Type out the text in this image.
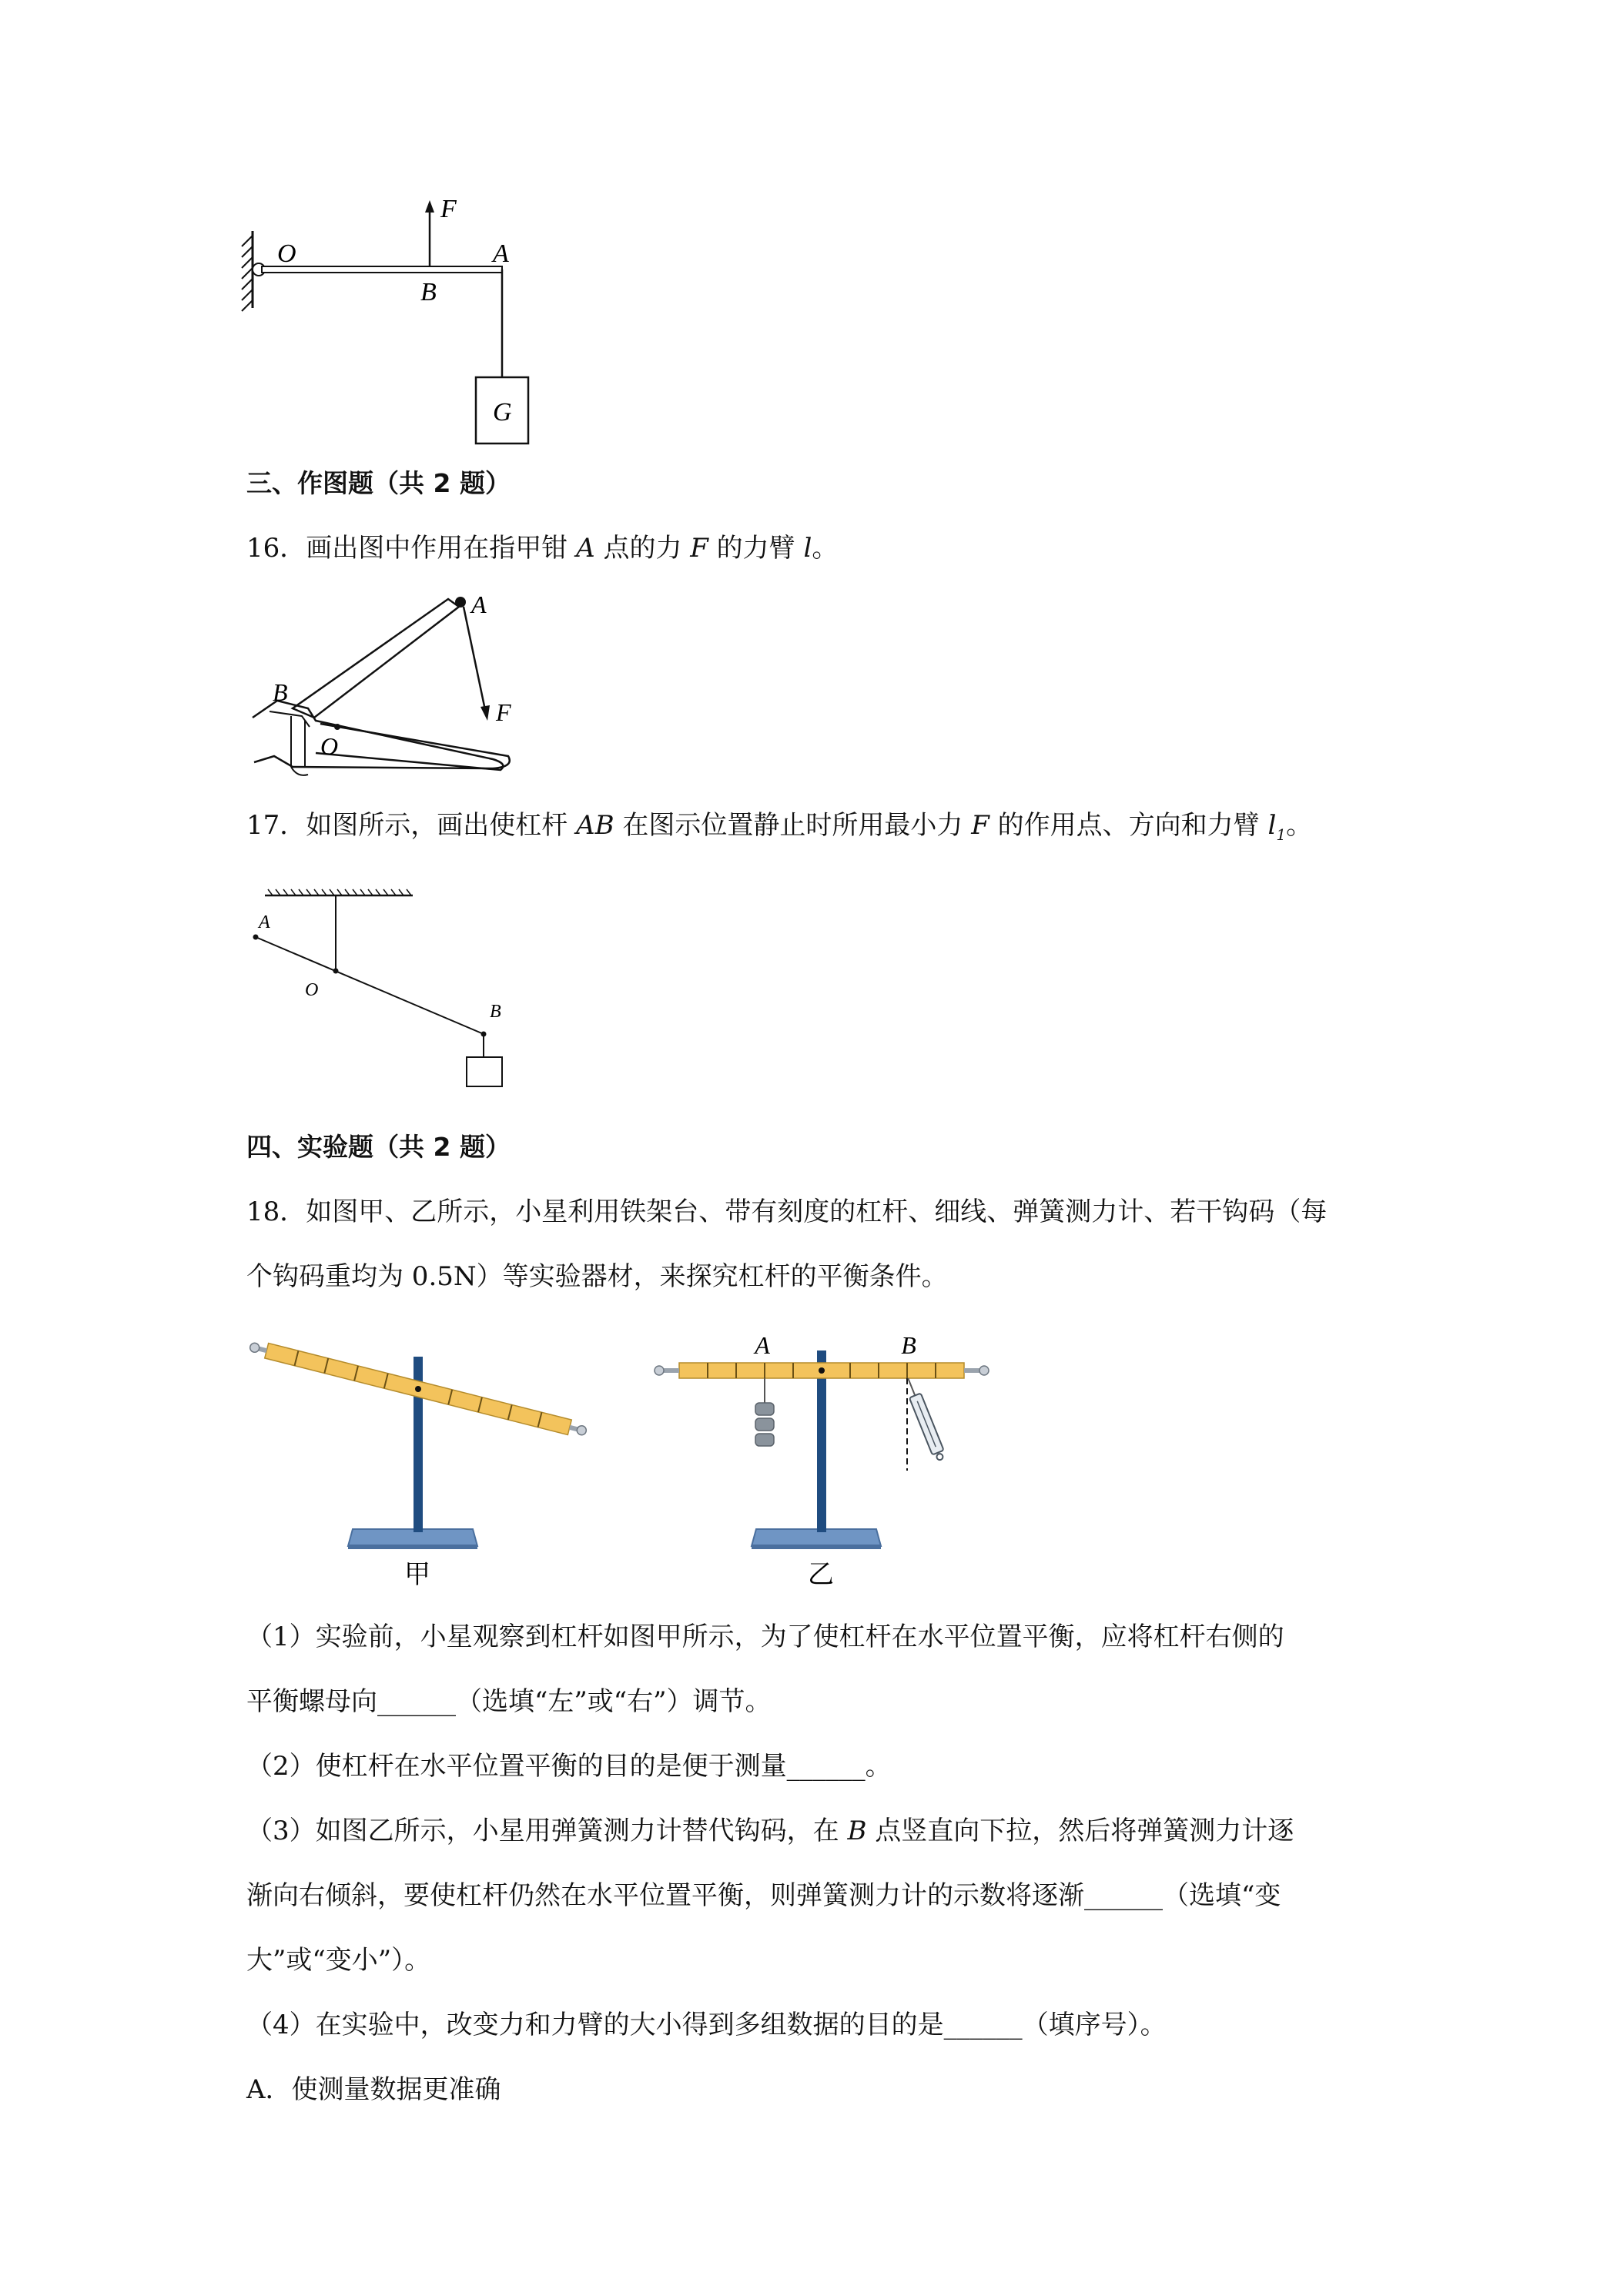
O
F
A
B
G
三、作图题（共 2 题）
16．画出图中作用在指甲钳 A 点的力 F 的力臂 l。
A
B
O
F
17．如图所示，画出使杠杆 AB 在图示位置静止时所用最小力 F 的作用点、方向和力臂 $l_1$。
A
O
B
四、实验题（共 2 题）
18．如图甲、乙所示，小星利用铁架台、带有刻度的杠杆、细线、弹簧测力计、若干钩码（每
个钩码重均为 0.5N）等实验器材，来探究杠杆的平衡条件。
甲
A	B
乙
（1）实验前，小星观察到杠杆如图甲所示，为了使杠杆在水平位置平衡，应将杠杆右侧的
平衡螺母向______（选填“左”或“右”）调节。
（2）使杠杆在水平位置平衡的目的是便于测量______。
（3）如图乙所示，小星用弹簧测力计替代钩码，在 B 点竖直向下拉，然后将弹簧测力计逐
渐向右倾斜，要使杠杆仍然在水平位置平衡，则弹簧测力计的示数将逐渐______（选填“变
大”或“变小”）。
（4）在实验中，改变力和力臂的大小得到多组数据的目的是______（填序号）。
A．使测量数据更准确
